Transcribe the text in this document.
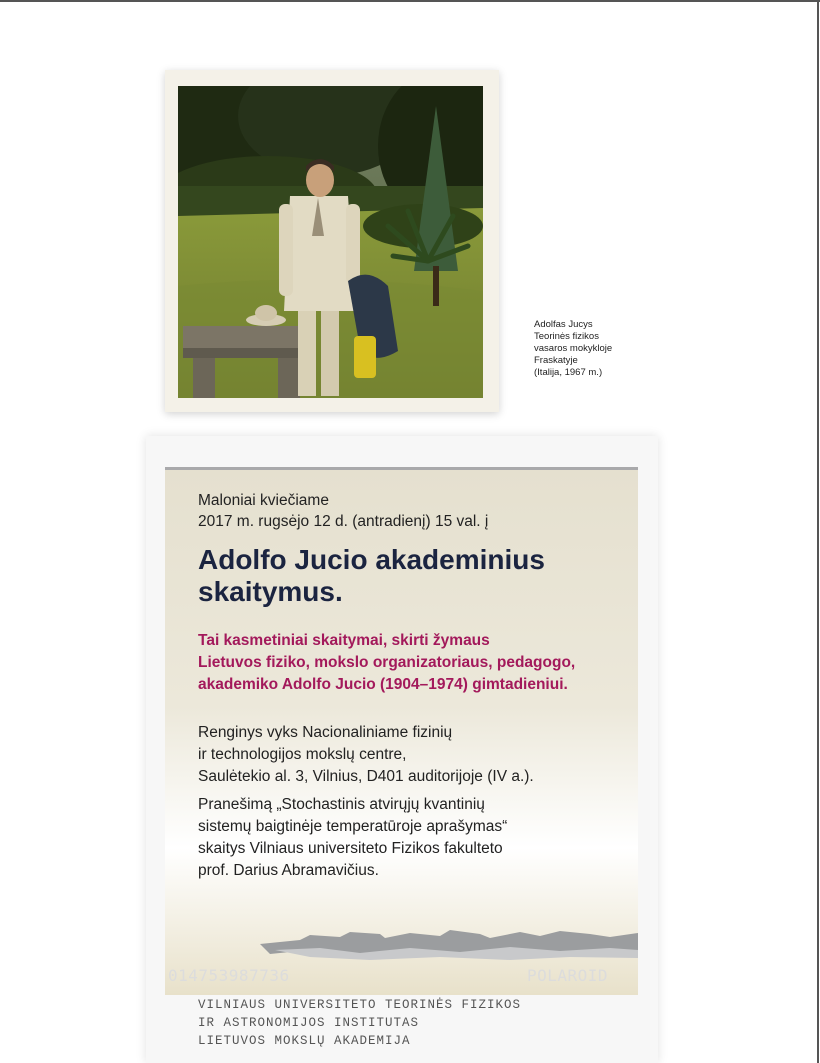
Adolfas Jucys
Teorinės fizikos
vasaros mokykloje
Fraskatyje
(Italija, 1967 m.)
Maloniai kviečiame
2017 m. rugsėjo 12 d. (antradienį) 15 val. į
Adolfo Jucio akademinius
skaitymus.
Tai kasmetiniai skaitymai, skirti žymaus
Lietuvos fiziko, mokslo organizatoriaus, pedagogo,
akademiko Adolfo Jucio (1904–1974) gimtadieniui.
Renginys vyks Nacionaliniame fizinių
ir technologijos mokslų centre,
Saulėtekio al. 3, Vilnius, D401 auditorijoje (IV a.).
Pranešimą „Stochastinis atvirųjų kvantinių
sistemų baigtinėje temperatūroje aprašymas“
skaitys Vilniaus universiteto Fizikos fakulteto
prof. Darius Abramavičius.
014753987736	POLAROID
VILNIAUS UNIVERSITETO TEORINĖS FIZIKOS
IR ASTRONOMIJOS INSTITUTAS
LIETUVOS MOKSLŲ AKADEMIJA
